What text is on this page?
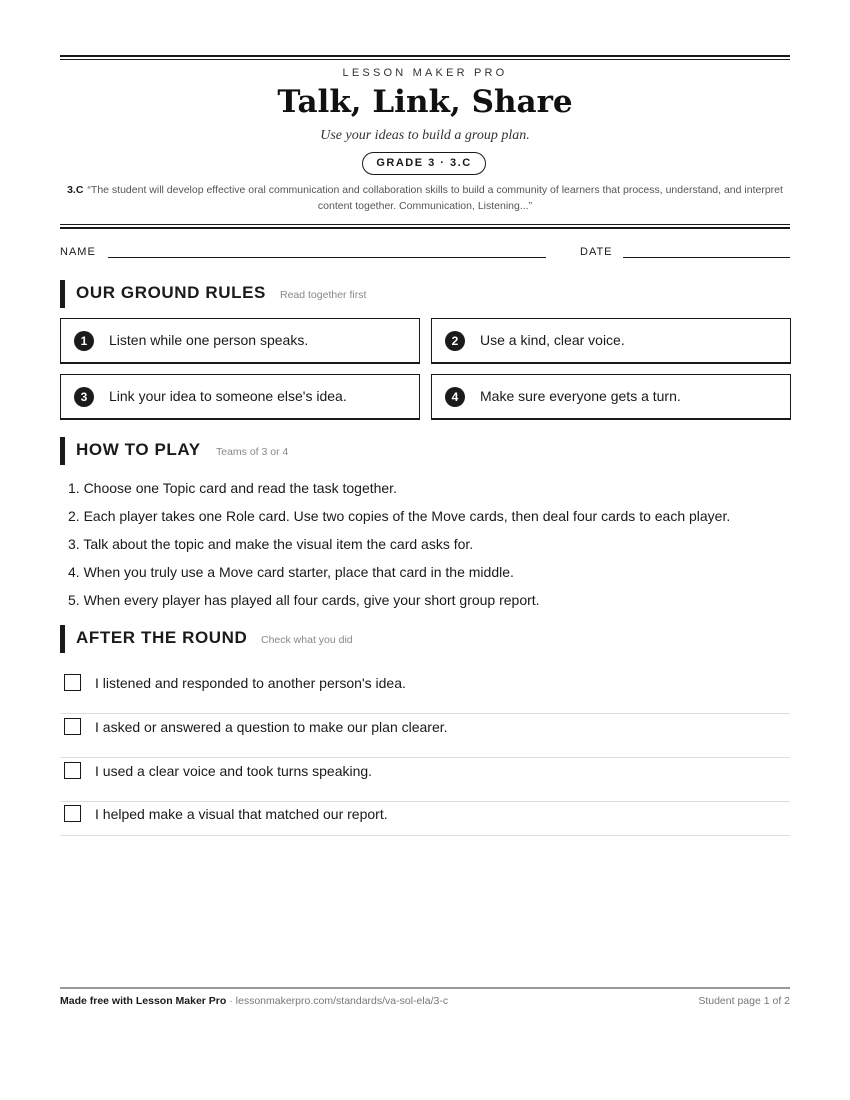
LESSON MAKER PRO
Talk, Link, Share
Use your ideas to build a group plan.
GRADE 3 · 3.C
3.C “The student will develop effective oral communication and collaboration skills to build a community of learners that process, understand, and interpret content together. Communication, Listening...”
NAME	DATE
OUR GROUND RULES Read together first
1	Listen while one person speaks.	2	Use a kind, clear voice.
3	Link your idea to someone else's idea.	4	Make sure everyone gets a turn.
HOW TO PLAY Teams of 3 or 4
1. Choose one Topic card and read the task together.
2. Each player takes one Role card. Use two copies of the Move cards, then deal four cards to each player.
3. Talk about the topic and make the visual item the card asks for.
4. When you truly use a Move card starter, place that card in the middle.
5. When every player has played all four cards, give your short group report.
AFTER THE ROUND Check what you did
I listened and responded to another person's idea.
I asked or answered a question to make our plan clearer.
I used a clear voice and took turns speaking.
I helped make a visual that matched our report.
Made free with Lesson Maker Pro · lessonmakerpro.com/standards/va-sol-ela/3-c	Student page 1 of 2
